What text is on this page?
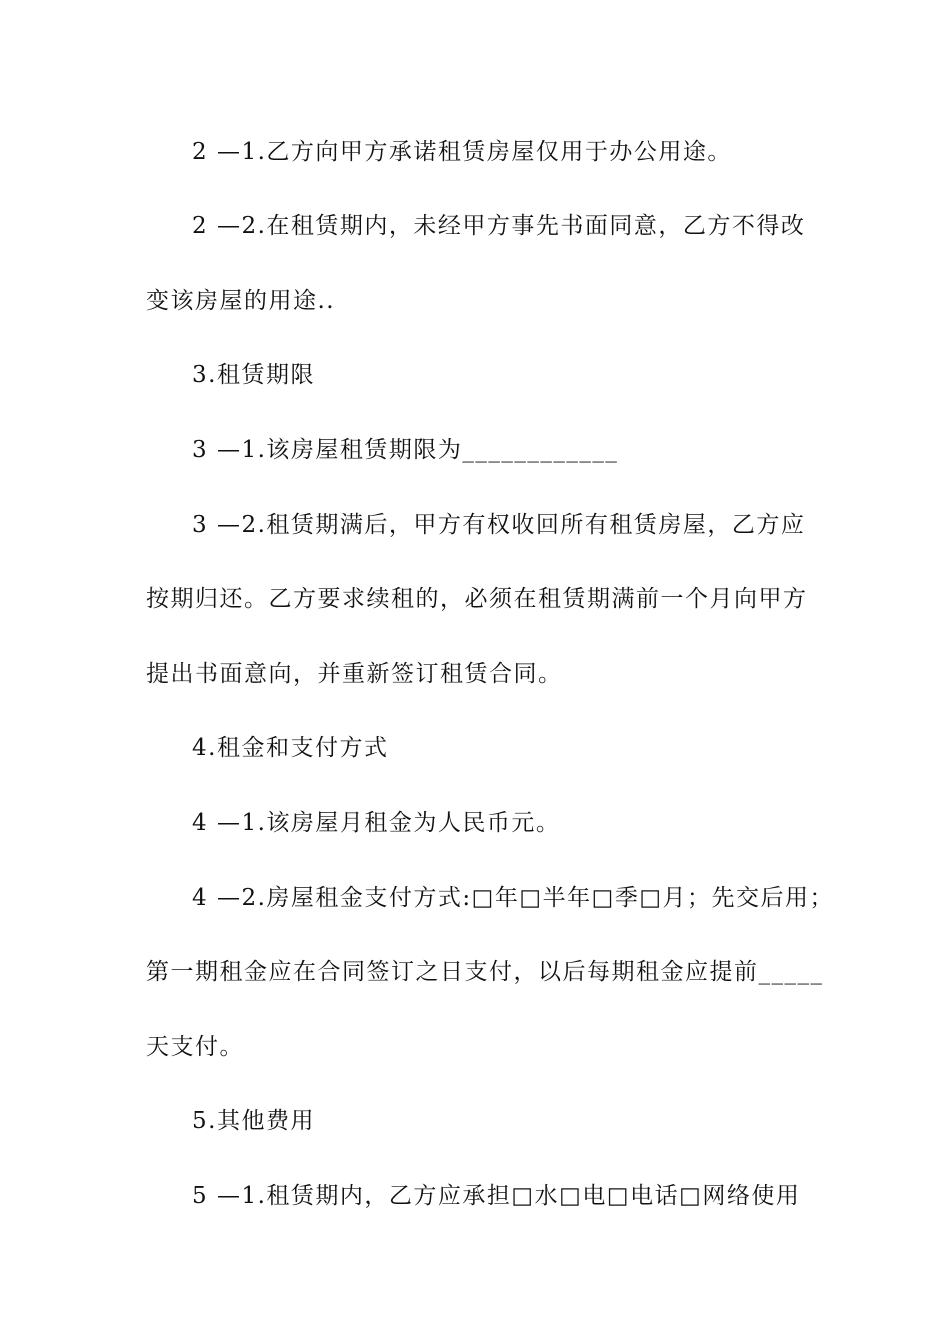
2 —1.乙方向甲方承诺租赁房屋仅用于办公用途。
2 —2.在租赁期内，未经甲方事先书面同意，乙方不得改
变该房屋的用途..
3.租赁期限
3 —1.该房屋租赁期限为____________
3 —2.租赁期满后，甲方有权收回所有租赁房屋，乙方应
按期归还。乙方要求续租的，必须在租赁期满前一个月向甲方
提出书面意向，并重新签订租赁合同。
4.租金和支付方式
4 —1.该房屋月租金为人民币元。
4 —2.房屋租金支付方式:□年□半年□季□月；先交后用；
第一期租金应在合同签订之日支付，以后每期租金应提前_____
天支付。
5.其他费用
5 —1.租赁期内，乙方应承担□水□电□电话□网络使用
